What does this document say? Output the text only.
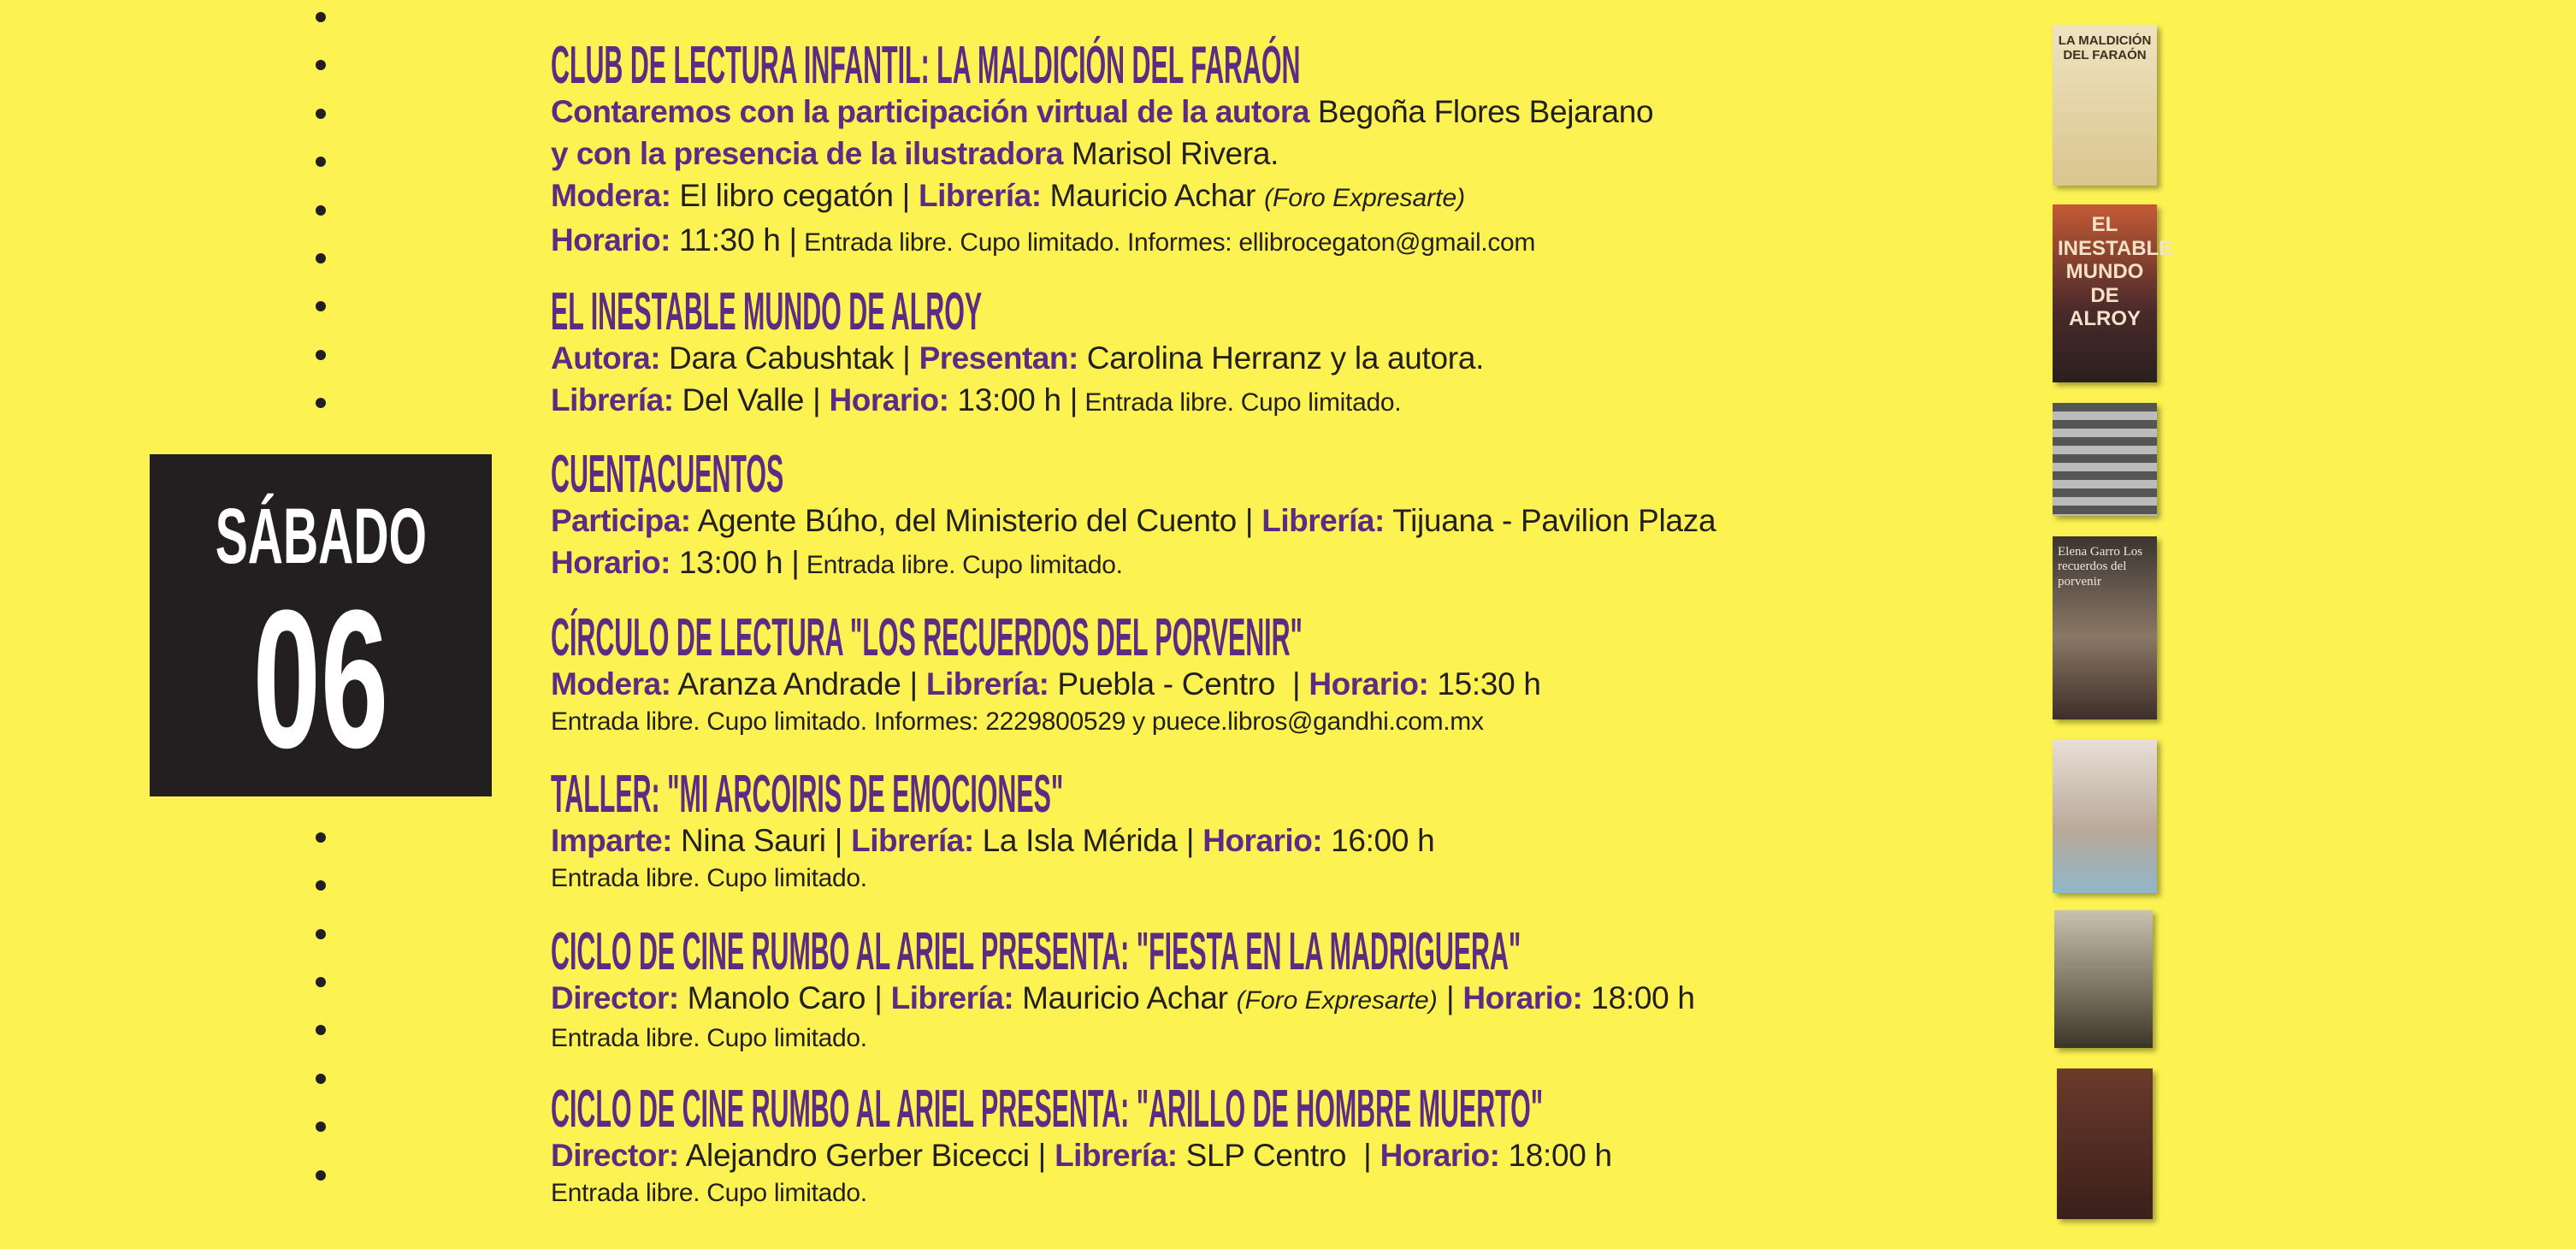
SÁBADO
06
CLUB DE LECTURA INFANTIL: LA MALDICIÓN DEL FARAÓN
Contaremos con la participación virtual de la autora Begoña Flores Bejarano
y con la presencia de la ilustradora Marisol Rivera.
Modera: El libro cegatón | Librería: Mauricio Achar (Foro Expresarte)
Horario: 11:30 h | Entrada libre. Cupo limitado. Informes: ellibrocegaton@gmail.com
EL INESTABLE MUNDO DE ALROY
Autora: Dara Cabushtak | Presentan: Carolina Herranz y la autora.
Librería: Del Valle | Horario: 13:00 h | Entrada libre. Cupo limitado.
CUENTACUENTOS
Participa: Agente Búho, del Ministerio del Cuento | Librería: Tijuana - Pavilion Plaza
Horario: 13:00 h | Entrada libre. Cupo limitado.
CÍRCULO DE LECTURA "LOS RECUERDOS DEL PORVENIR"
Modera: Aranza Andrade | Librería: Puebla - Centro  | Horario: 15:30 h
Entrada libre. Cupo limitado. Informes: 2229800529 y puece.libros@gandhi.com.mx
TALLER: "MI ARCOIRIS DE EMOCIONES"
Imparte: Nina Sauri | Librería: La Isla Mérida | Horario: 16:00 h
Entrada libre. Cupo limitado.
CICLO DE CINE RUMBO AL ARIEL PRESENTA: "FIESTA EN LA MADRIGUERA"
Director: Manolo Caro | Librería: Mauricio Achar (Foro Expresarte) | Horario: 18:00 h
Entrada libre. Cupo limitado.
CICLO DE CINE RUMBO AL ARIEL PRESENTA: "ARILLO DE HOMBRE MUERTO"
Director: Alejandro Gerber Bicecci | Librería: SLP Centro  | Horario: 18:00 h
Entrada libre. Cupo limitado.
LA MALDICIÓN DEL FARAÓN
EL INESTABLE MUNDO DE ALROY
Elena Garro Los recuerdos del porvenir
